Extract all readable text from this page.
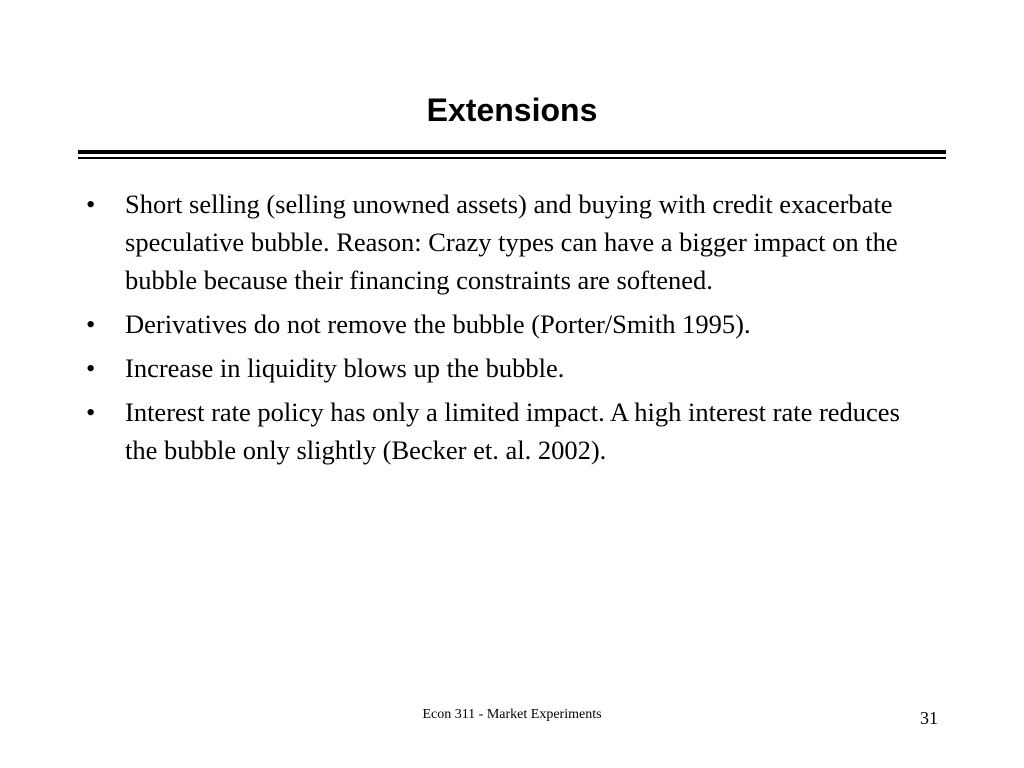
Extensions
• Short selling (selling unowned assets) and buying with credit exacerbate speculative bubble. Reason: Crazy types can have a bigger impact on the bubble because their financing constraints are softened.
• Derivatives do not remove the bubble (Porter/Smith 1995).
• Increase in liquidity blows up the bubble.
• Interest rate policy has only a limited impact. A high interest rate reduces the bubble only slightly (Becker et. al. 2002).
Econ 311 - Market Experiments	31
